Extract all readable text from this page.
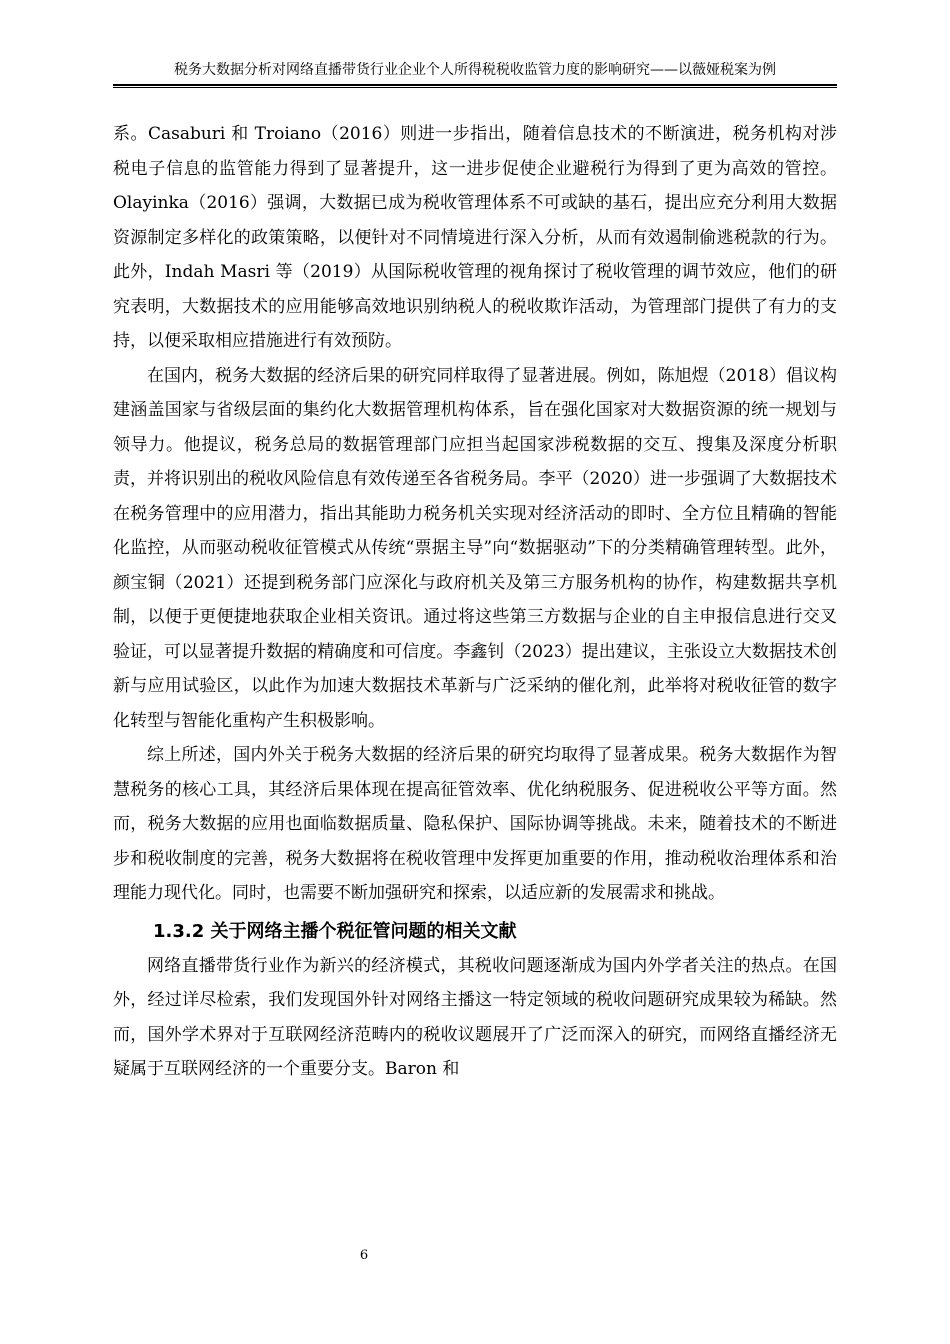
税务大数据分析对网络直播带货行业企业个人所得税税收监管力度的影响研究——以薇娅税案为例

系。Casaburi 和 Troiano（2016）则进一步指出，随着信息技术的不断演进，税务机构对涉税电子信息的监管能力得到了显著提升，这一进步促使企业避税行为得到了更为高效的管控。Olayinka（2016）强调，大数据已成为税收管理体系不可或缺的基石，提出应充分利用大数据资源制定多样化的政策策略，以便针对不同情境进行深入分析，从而有效遏制偷逃税款的行为。此外，Indah Masri 等（2019）从国际税收管理的视角探讨了税收管理的调节效应，他们的研究表明，大数据技术的应用能够高效地识别纳税人的税收欺诈活动，为管理部门提供了有力的支持，以便采取相应措施进行有效预防。

在国内，税务大数据的经济后果的研究同样取得了显著进展。例如，陈旭煜（2018）倡议构建涵盖国家与省级层面的集约化大数据管理机构体系，旨在强化国家对大数据资源的统一规划与领导力。他提议，税务总局的数据管理部门应担当起国家涉税数据的交互、搜集及深度分析职责，并将识别出的税收风险信息有效传递至各省税务局。李平（2020）进一步强调了大数据技术在税务管理中的应用潜力，指出其能助力税务机关实现对经济活动的即时、全方位且精确的智能化监控，从而驱动税收征管模式从传统“票据主导”向“数据驱动”下的分类精确管理转型。此外，颜宝铜（2021）还提到税务部门应深化与政府机关及第三方服务机构的协作，构建数据共享机制，以便于更便捷地获取企业相关资讯。通过将这些第三方数据与企业的自主申报信息进行交叉验证，可以显著提升数据的精确度和可信度。李鑫钊（2023）提出建议，主张设立大数据技术创新与应用试验区，以此作为加速大数据技术革新与广泛采纳的催化剂，此举将对税收征管的数字化转型与智能化重构产生积极影响。

综上所述，国内外关于税务大数据的经济后果的研究均取得了显著成果。税务大数据作为智慧税务的核心工具，其经济后果体现在提高征管效率、优化纳税服务、促进税收公平等方面。然而，税务大数据的应用也面临数据质量、隐私保护、国际协调等挑战。未来，随着技术的不断进步和税收制度的完善，税务大数据将在税收管理中发挥更加重要的作用，推动税收治理体系和治理能力现代化。同时，也需要不断加强研究和探索，以适应新的发展需求和挑战。

1.3.2 关于网络主播个税征管问题的相关文献

网络直播带货行业作为新兴的经济模式，其税收问题逐渐成为国内外学者关注的热点。在国外，经过详尽检索，我们发现国外针对网络主播这一特定领域的税收问题研究成果较为稀缺。然而，国外学术界对于互联网经济范畴内的税收议题展开了广泛而深入的研究，而网络直播经济无疑属于互联网经济的一个重要分支。Baron 和

6
